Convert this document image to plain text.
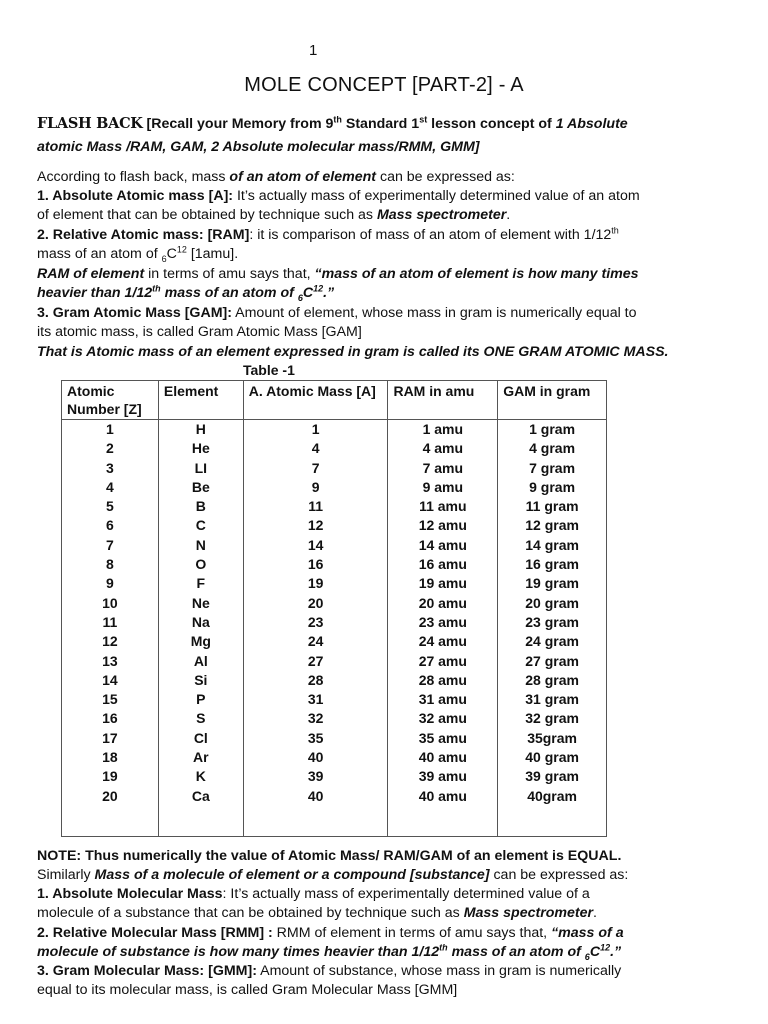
1
MOLE CONCEPT [PART-2] - A
FLASH BACK [Recall your Memory from 9th Standard 1st lesson concept of 1 Absolute
atomic Mass /RAM, GAM, 2 Absolute molecular mass/RMM, GMM]
According to flash back, mass of an atom of element can be expressed as:
1. Absolute Atomic mass [A]: It’s actually mass of experimentally determined value of an atom
of element that can be obtained by technique such as Mass spectrometer.
2. Relative Atomic mass: [RAM]: it is comparison of mass of an atom of element with 1/12th
mass of an atom of $_6C^{12}$ [1amu].
RAM of element in terms of amu says that, “mass of an atom of element is how many times
heavier than 1/12th mass of an atom of $_6C^{12}$.”
3. Gram Atomic Mass [GAM]: Amount of element, whose mass in gram is numerically equal to
its atomic mass, is called Gram Atomic Mass [GAM]
That is Atomic mass of an element expressed in gram is called its ONE GRAM ATOMIC MASS.
Table -1
Atomic Number [Z]	Element	A. Atomic Mass [A]	RAM in amu	GAM in gram
1	H	1	1 amu	1 gram
2	He	4	4 amu	4 gram
3	LI	7	7 amu	7 gram
4	Be	9	9 amu	9 gram
5	B	11	11 amu	11 gram
6	C	12	12 amu	12 gram
7	N	14	14 amu	14 gram
8	O	16	16 amu	16 gram
9	F	19	19 amu	19 gram
10	Ne	20	20 amu	20 gram
11	Na	23	23 amu	23 gram
12	Mg	24	24 amu	24 gram
13	Al	27	27 amu	27 gram
14	Si	28	28 amu	28 gram
15	P	31	31 amu	31 gram
16	S	32	32 amu	32 gram
17	Cl	35	35 amu	35gram
18	Ar	40	40 amu	40 gram
19	K	39	39 amu	39 gram
20	Ca	40	40 amu	40gram

NOTE: Thus numerically the value of Atomic Mass/ RAM/GAM of an element is EQUAL.
Similarly Mass of a molecule of element or a compound [substance] can be expressed as:
1. Absolute Molecular Mass: It’s actually mass of experimentally determined value of a
molecule of a substance that can be obtained by technique such as Mass spectrometer.
2. Relative Molecular Mass [RMM] : RMM of element in terms of amu says that, “mass of a
molecule of substance is how many times heavier than 1/12th mass of an atom of $_6C^{12}$.”
3. Gram Molecular Mass: [GMM]: Amount of substance, whose mass in gram is numerically
equal to its molecular mass, is called Gram Molecular Mass [GMM]
